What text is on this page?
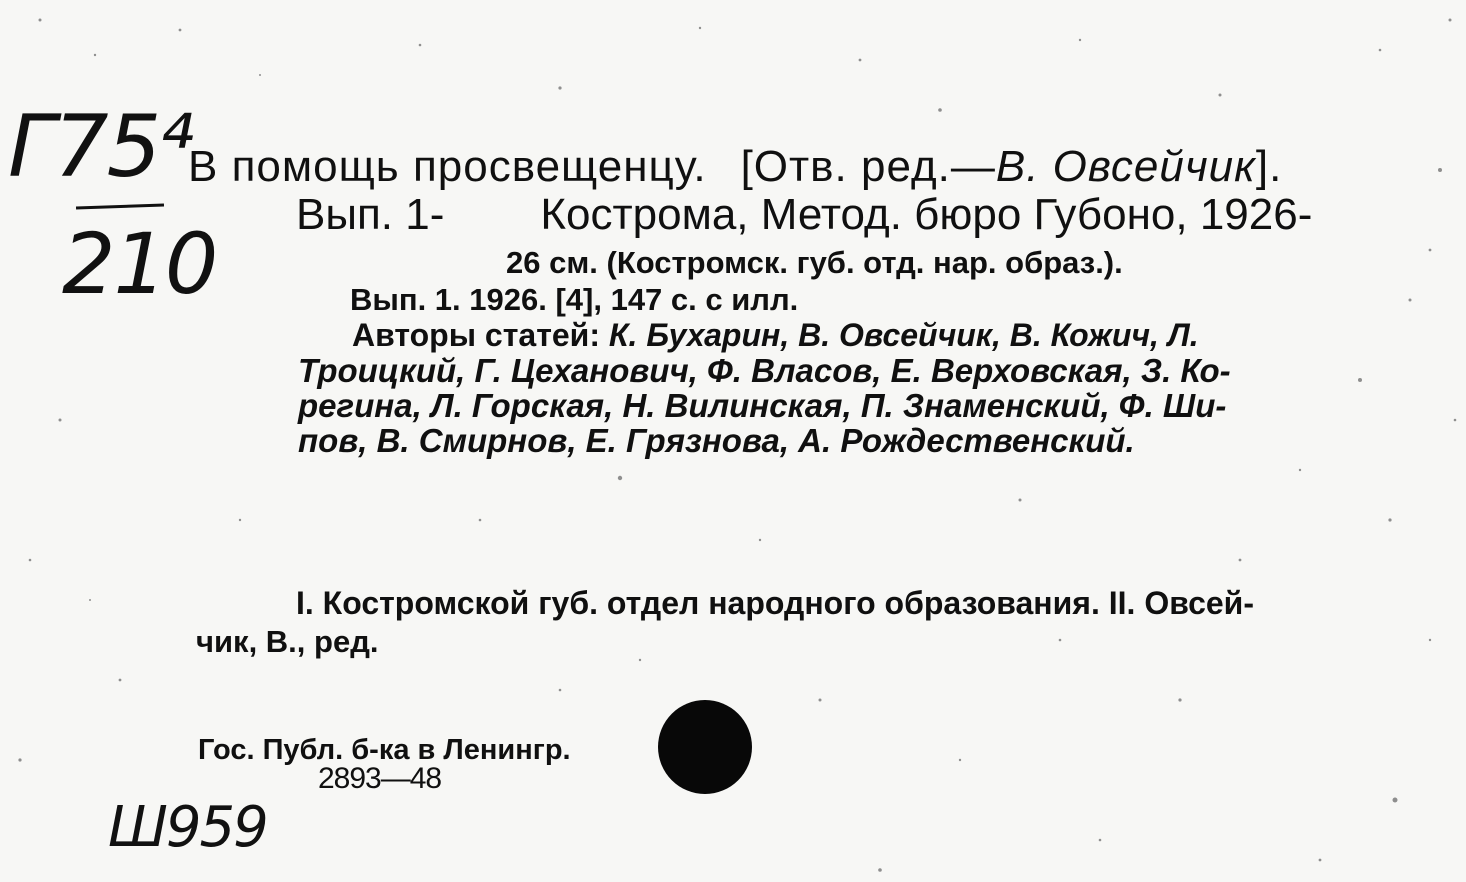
Г75⁴
210
В помощь просвещенцу. [Отв. ред.—В. Овсейчик].
Вып. 1- Кострома, Метод. бюро Губоно, 1926-
26 см. (Костромск. губ. отд. нар. образ.).
Вып. 1. 1926. [4], 147 с. с илл.
Авторы статей: К. Бухарин, В. Овсейчик, В. Кожич, Л.
Троицкий, Г. Цеханович, Ф. Власов, Е. Верховская, З. Ко-
регина, Л. Горская, Н. Вилинская, П. Знаменский, Ф. Ши-
пов, В. Смирнов, Е. Грязнова, А. Рождественский.
I. Костромской губ. отдел народного образования. II. Овсей-
чик, В., ред.
Гос. Публ. б-ка в Ленингр.
2893—48
Ш959
